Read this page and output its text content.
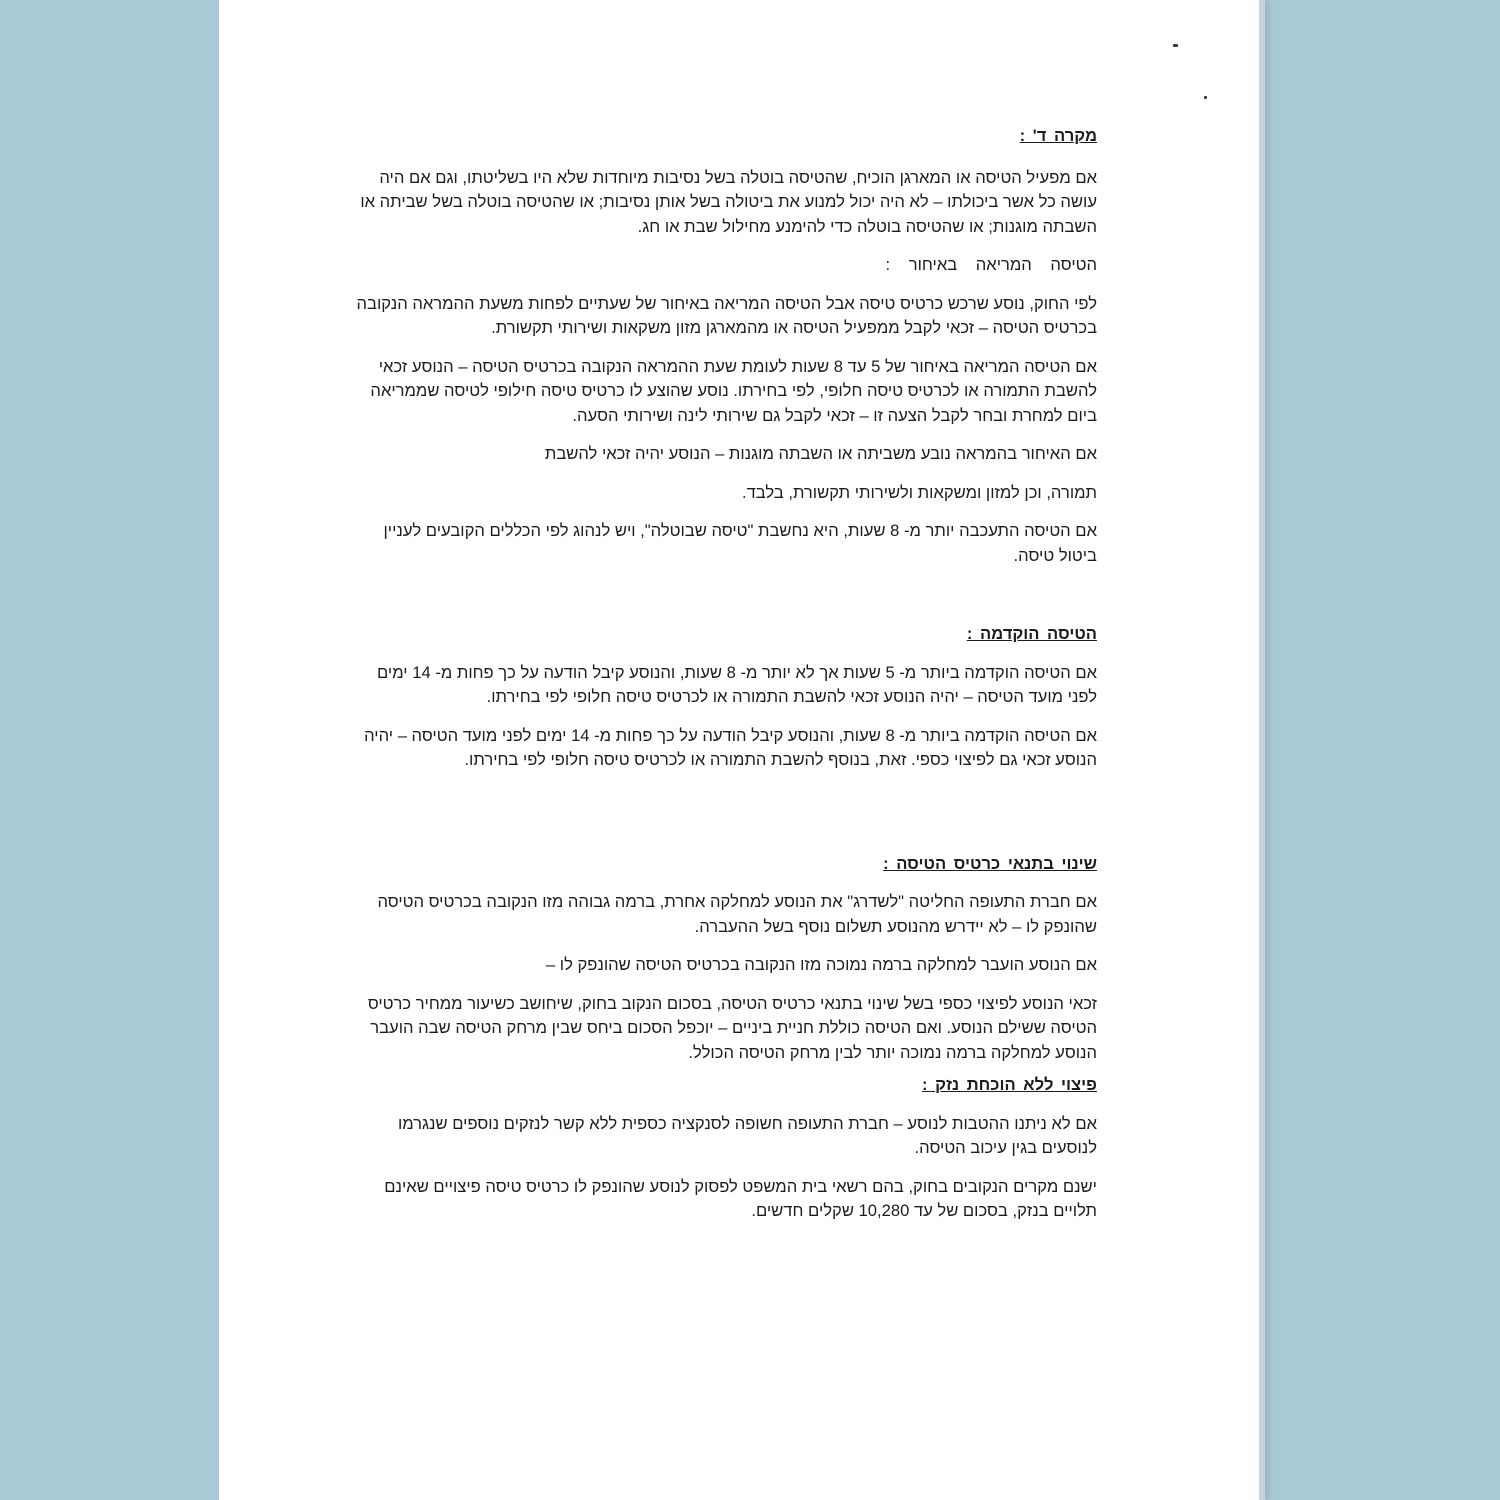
מקרה ד' :

אם מפעיל הטיסה או המארגן הוכיח, שהטיסה בוטלה בשל נסיבות מיוחדות שלא היו בשליטתו, וגם אם היה עושה כל אשר ביכולתו – לא היה יכול למנוע את ביטולה בשל אותן נסיבות; או שהטיסה בוטלה בשל שביתה או השבתה מוגנות; או שהטיסה בוטלה כדי להימנע מחילול שבת או חג.

הטיסה המריאה באיחור :

לפי החוק, נוסע שרכש כרטיס טיסה אבל הטיסה המריאה באיחור של שעתיים לפחות משעת ההמראה הנקובה בכרטיס הטיסה – זכאי לקבל ממפעיל הטיסה או מהמארגן מזון משקאות ושירותי תקשורת.

אם הטיסה המריאה באיחור של 5 עד 8 שעות לעומת שעת ההמראה הנקובה בכרטיס הטיסה – הנוסע זכאי להשבת התמורה או לכרטיס טיסה חלופי, לפי בחירתו. נוסע שהוצע לו כרטיס טיסה חילופי לטיסה שממריאה ביום למחרת ובחר לקבל הצעה זו – זכאי לקבל גם שירותי לינה ושירותי הסעה.

אם האיחור בהמראה נובע משביתה או השבתה מוגנות – הנוסע יהיה זכאי להשבת

תמורה, וכן למזון ומשקאות ולשירותי תקשורת, בלבד.

אם הטיסה התעכבה יותר מ- 8 שעות, היא נחשבת "טיסה שבוטלה", ויש לנהוג לפי הכללים הקובעים לעניין ביטול טיסה.

הטיסה הוקדמה :

אם הטיסה הוקדמה ביותר מ- 5 שעות אך לא יותר מ- 8 שעות, והנוסע קיבל הודעה על כך פחות מ- 14 ימים לפני מועד הטיסה – יהיה הנוסע זכאי להשבת התמורה או לכרטיס טיסה חלופי לפי בחירתו.

אם הטיסה הוקדמה ביותר מ- 8 שעות, והנוסע קיבל הודעה על כך פחות מ- 14 ימים לפני מועד הטיסה – יהיה הנוסע זכאי גם לפיצוי כספי. זאת, בנוסף להשבת התמורה או לכרטיס טיסה חלופי לפי בחירתו.

שינוי בתנאי כרטיס הטיסה :

אם חברת התעופה החליטה "לשדרג" את הנוסע למחלקה אחרת, ברמה גבוהה מזו הנקובה בכרטיס הטיסה שהונפק לו – לא יידרש מהנוסע תשלום נוסף בשל ההעברה.

אם הנוסע הועבר למחלקה ברמה נמוכה מזו הנקובה בכרטיס הטיסה שהונפק לו –

זכאי הנוסע לפיצוי כספי בשל שינוי בתנאי כרטיס הטיסה, בסכום הנקוב בחוק, שיחושב כשיעור ממחיר כרטיס הטיסה ששילם הנוסע. ואם הטיסה כוללת חניית ביניים – יוכפל הסכום ביחס שבין מרחק הטיסה שבה הועבר הנוסע למחלקה ברמה נמוכה יותר לבין מרחק הטיסה הכולל.

פיצוי ללא הוכחת נזק :

אם לא ניתנו ההטבות לנוסע – חברת התעופה חשופה לסנקציה כספית ללא קשר לנזקים נוספים שנגרמו לנוסעים בגין עיכוב הטיסה.

ישנם מקרים הנקובים בחוק, בהם רשאי בית המשפט לפסוק לנוסע שהונפק לו כרטיס טיסה פיצויים שאינם תלויים בנזק, בסכום של עד 10,280 שקלים חדשים.
